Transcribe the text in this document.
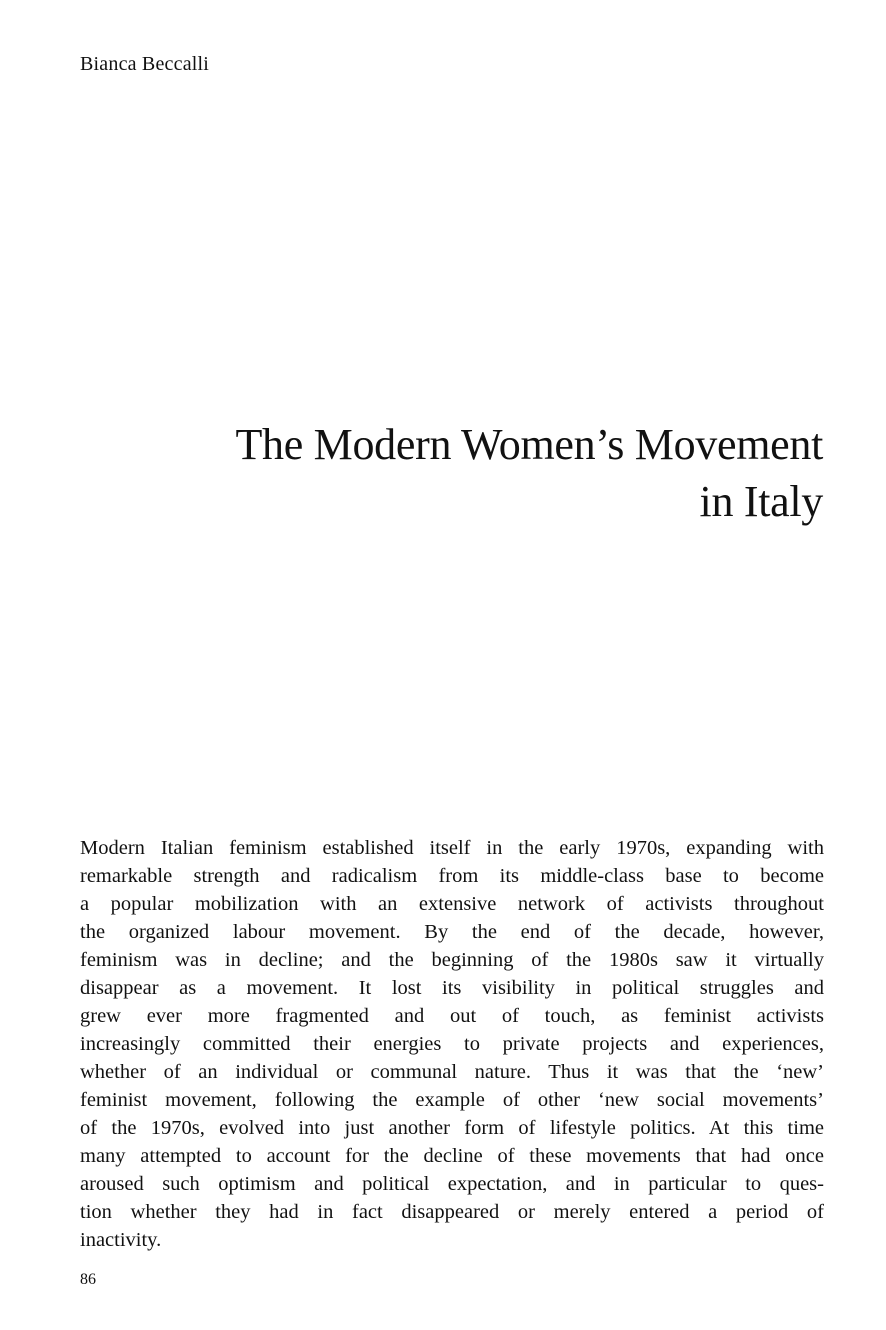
Bianca Beccalli
The Modern Women’s Movement
in Italy
Modern Italian feminism established itself in the early 1970s, expanding with
remarkable strength and radicalism from its middle-class base to become
a popular mobilization with an extensive network of activists throughout
the organized labour movement. By the end of the decade, however,
feminism was in decline; and the beginning of the 1980s saw it virtually
disappear as a movement. It lost its visibility in political struggles and
grew ever more fragmented and out of touch, as feminist activists
increasingly committed their energies to private projects and experiences,
whether of an individual or communal nature. Thus it was that the ‘new’
feminist movement, following the example of other ‘new social movements’
of the 1970s, evolved into just another form of lifestyle politics. At this time
many attempted to account for the decline of these movements that had once
aroused such optimism and political expectation, and in particular to ques-
tion whether they had in fact disappeared or merely entered a period of
inactivity.
86
